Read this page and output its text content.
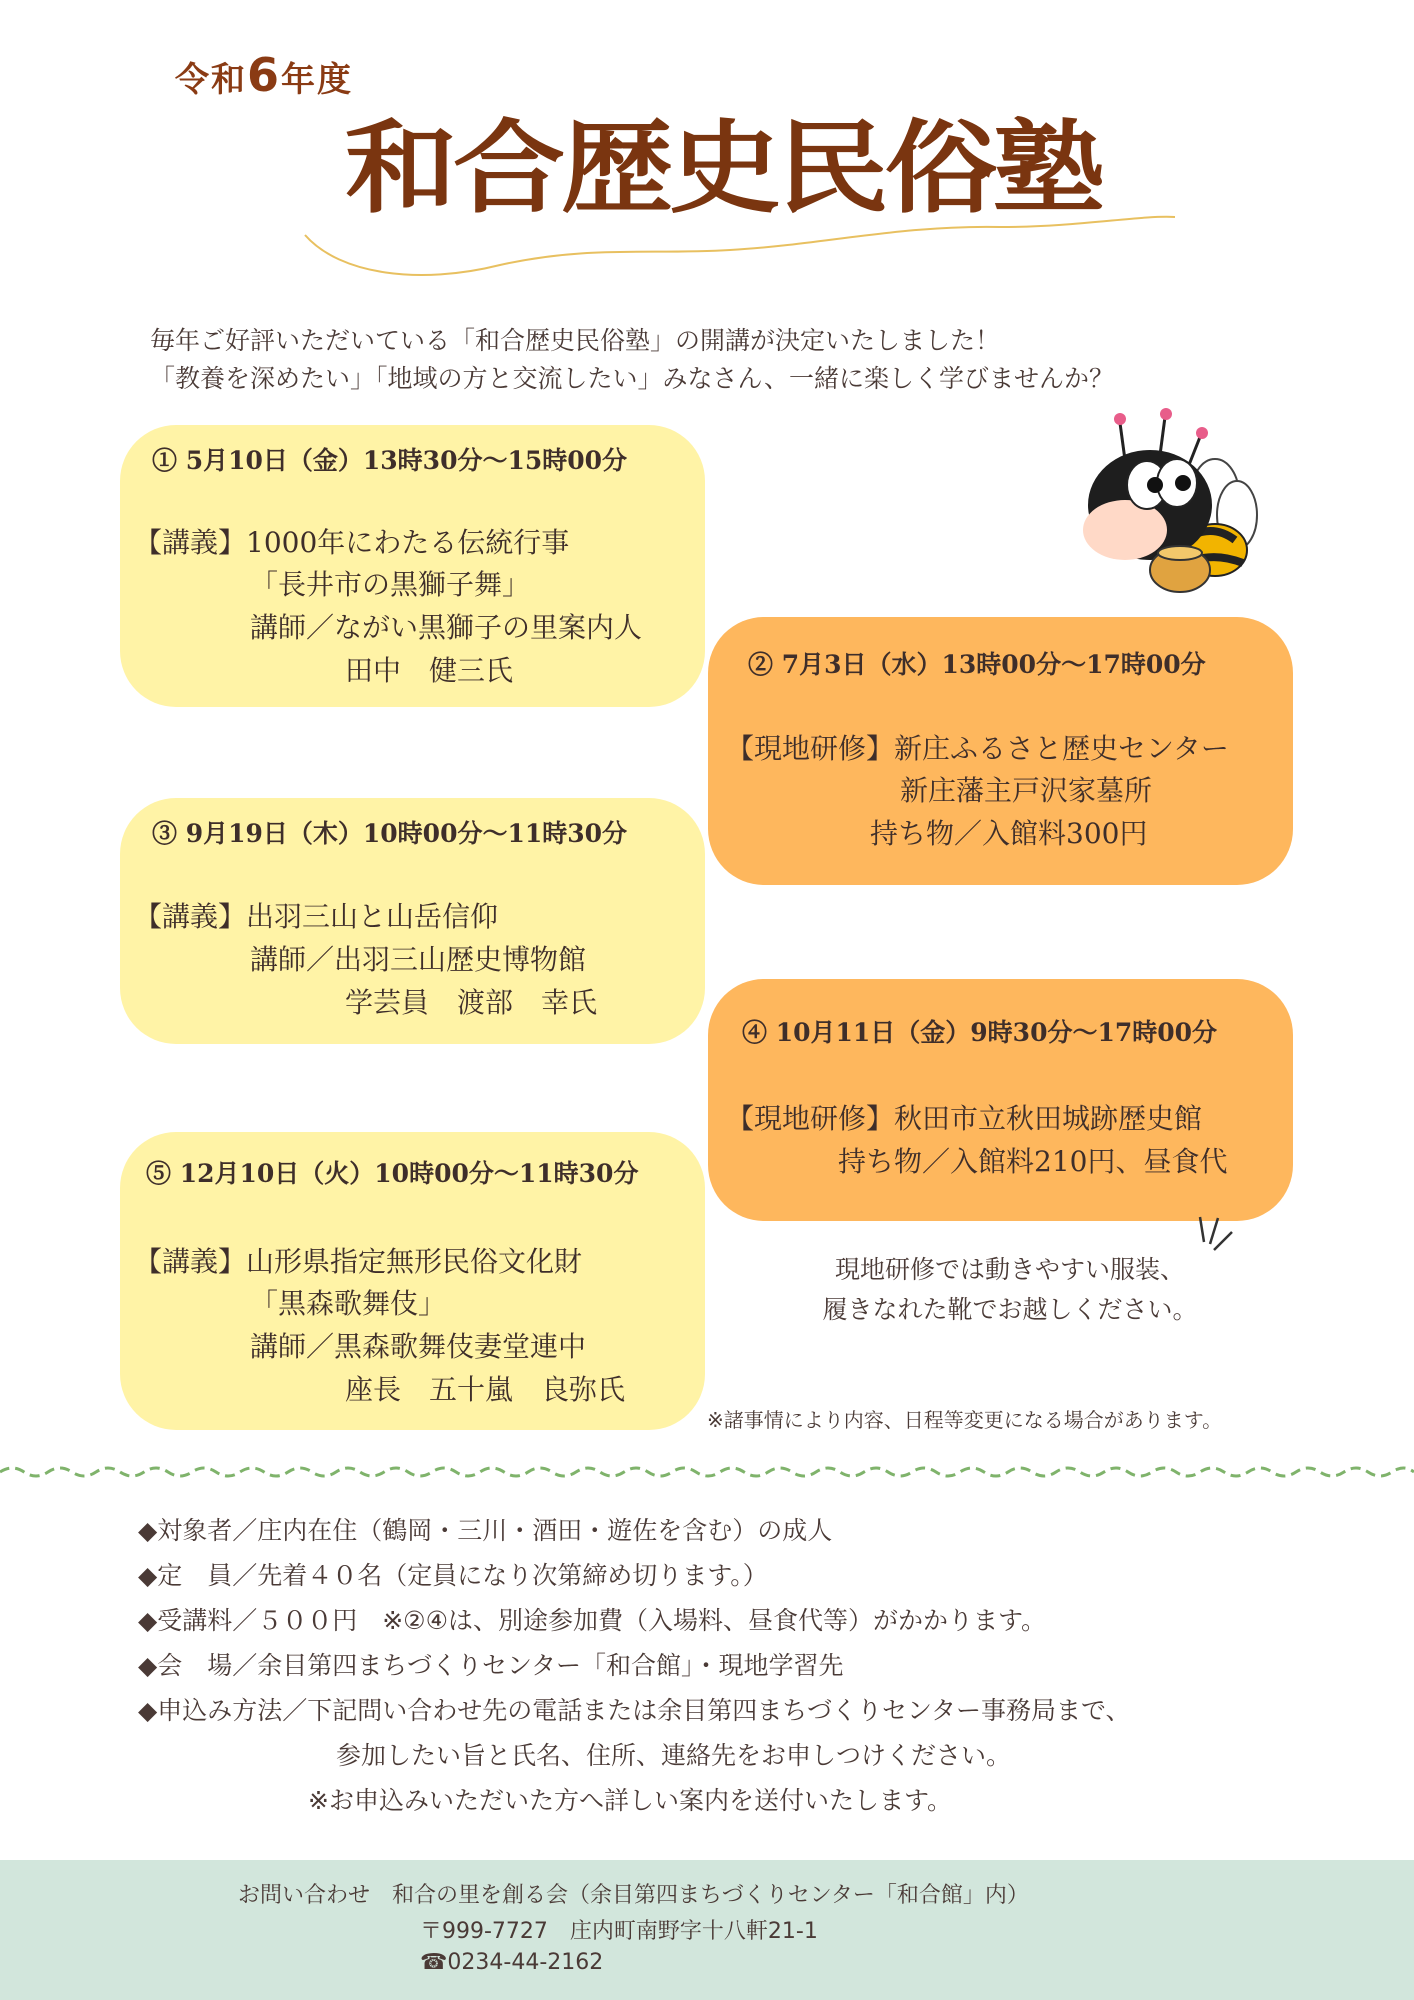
令和6年度
和合歴史民俗塾
毎年ご好評いただいている「和合歴史民俗塾」の開講が決定いたしました！
「教養を深めたい」「地域の方と交流したい」みなさん、一緒に楽しく学びませんか？
① 5月10日（金）13時30分～15時00分
【講義】1000年にわたる伝統行事
「長井市の黒獅子舞」
講師／ながい黒獅子の里案内人
田中　健三氏	② 7月3日（水）13時00分～17時00分
【現地研修】新庄ふるさと歴史センター
新庄藩主戸沢家墓所
持ち物／入館料300円
③ 9月19日（木）10時00分～11時30分
【講義】出羽三山と山岳信仰
講師／出羽三山歴史博物館
学芸員　渡部　幸氏
④ 10月11日（金）9時30分～17時00分
【現地研修】秋田市立秋田城跡歴史館
持ち物／入館料210円、昼食代
⑤ 12月10日（火）10時00分～11時30分
【講義】山形県指定無形民俗文化財
「黒森歌舞伎」
講師／黒森歌舞伎妻堂連中
座長　五十嵐　良弥氏
現地研修では動きやすい服装、
履きなれた靴でお越しください。
※諸事情により内容、日程等変更になる場合があります。
◆対象者／庄内在住（鶴岡・三川・酒田・遊佐を含む）の成人
◆定　員／先着４０名（定員になり次第締め切ります。）
◆受講料／５００円　※②④は、別途参加費（入場料、昼食代等）がかかります。
◆会　場／余目第四まちづくりセンター「和合館」・現地学習先
◆申込み方法／下記問い合わせ先の電話または余目第四まちづくりセンター事務局まで、
参加したい旨と氏名、住所、連絡先をお申しつけください。
※お申込みいただいた方へ詳しい案内を送付いたします。
お問い合わせ　和合の里を創る会（余目第四まちづくりセンター「和合館」内）
〒999-7727　庄内町南野字十八軒21-1
☎0234-44-2162
